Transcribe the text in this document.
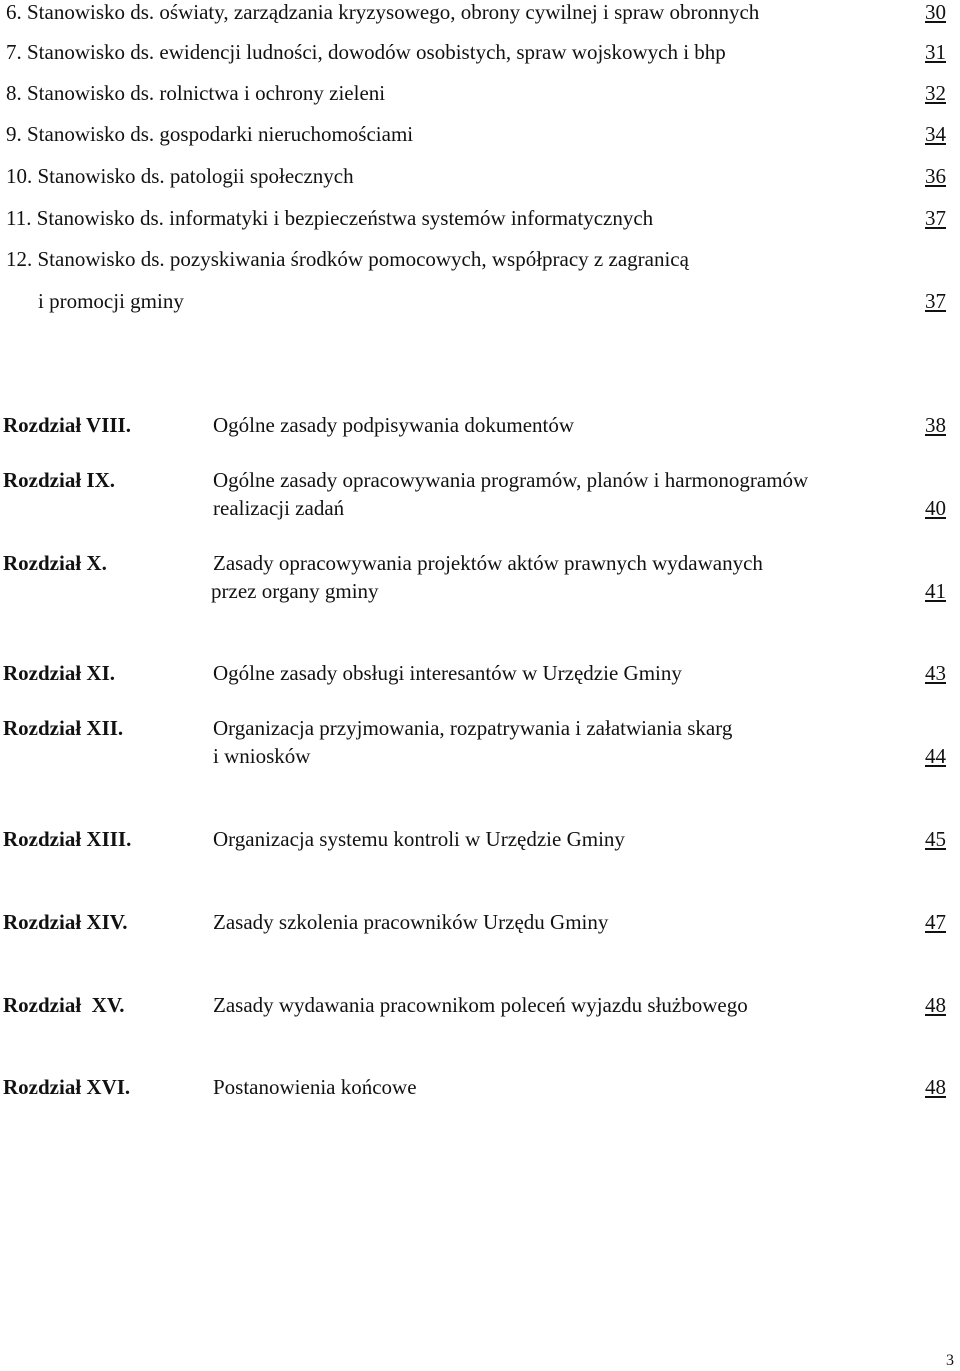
6. Stanowisko ds. oświaty, zarządzania kryzysowego, obrony cywilnej i spraw obronnych	30
7. Stanowisko ds. ewidencji ludności, dowodów osobistych, spraw wojskowych i bhp	31
8. Stanowisko ds. rolnictwa i ochrony zieleni	32
9. Stanowisko ds. gospodarki nieruchomościami	34
10. Stanowisko ds. patologii społecznych	36
11. Stanowisko ds. informatyki i bezpieczeństwa systemów informatycznych	37
12. Stanowisko ds. pozyskiwania środków pomocowych, współpracy z zagranicą
i promocji gminy	37
Rozdział VIII.	Ogólne zasady podpisywania dokumentów	38
Rozdział IX.	Ogólne zasady opracowywania programów, planów i harmonogramów
realizacji zadań	40
Rozdział X.	Zasady opracowywania projektów aktów prawnych wydawanych
przez organy gminy	41
Rozdział XI.	Ogólne zasady obsługi interesantów w Urzędzie Gminy	43
Rozdział XII.	Organizacja przyjmowania, rozpatrywania i załatwiania skarg
i wniosków	44
Rozdział XIII.	Organizacja systemu kontroli w Urzędzie Gminy	45
Rozdział XIV.	Zasady szkolenia pracowników Urzędu Gminy	47
Rozdział  XV.	Zasady wydawania pracownikom poleceń wyjazdu służbowego	48
Rozdział XVI.	Postanowienia końcowe	48
3
